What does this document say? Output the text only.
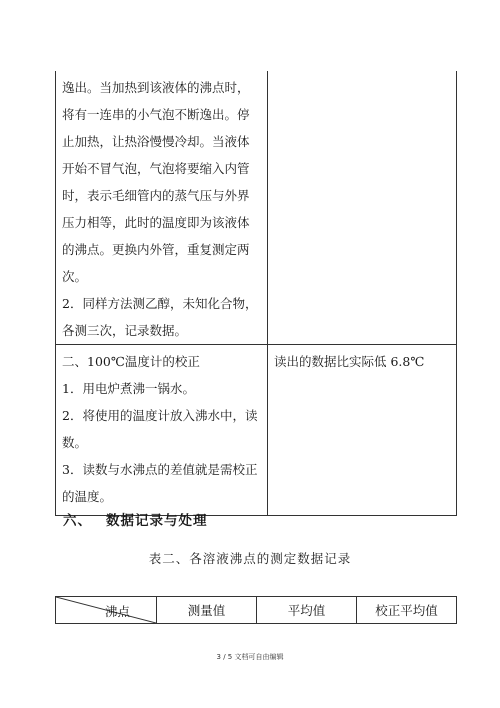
逸出。当加热到该液体的沸点时，将有一连串的小气泡不断逸出。停止加热，让热浴慢慢冷却。当液体开始不冒气泡，气泡将要缩入内管时，表示毛细管内的蒸气压与外界压力相等，此时的温度即为该液体的沸点。更换内外管，重复测定两次。
2．同样方法测乙醇，未知化合物，各测三次，记录数据。	

二、100℃温度计的校正
1．用电炉煮沸一锅水。
2．将使用的温度计放入沸水中，读数。
3．读数与水沸点的差值就是需校正的温度。	读出的数据比实际低 6.8℃
六、 数据记录与处理
表二、各溶液沸点的测定数据记录
沸点	测量值	平均值	校正平均值
3 / 5 文档可自由编辑
